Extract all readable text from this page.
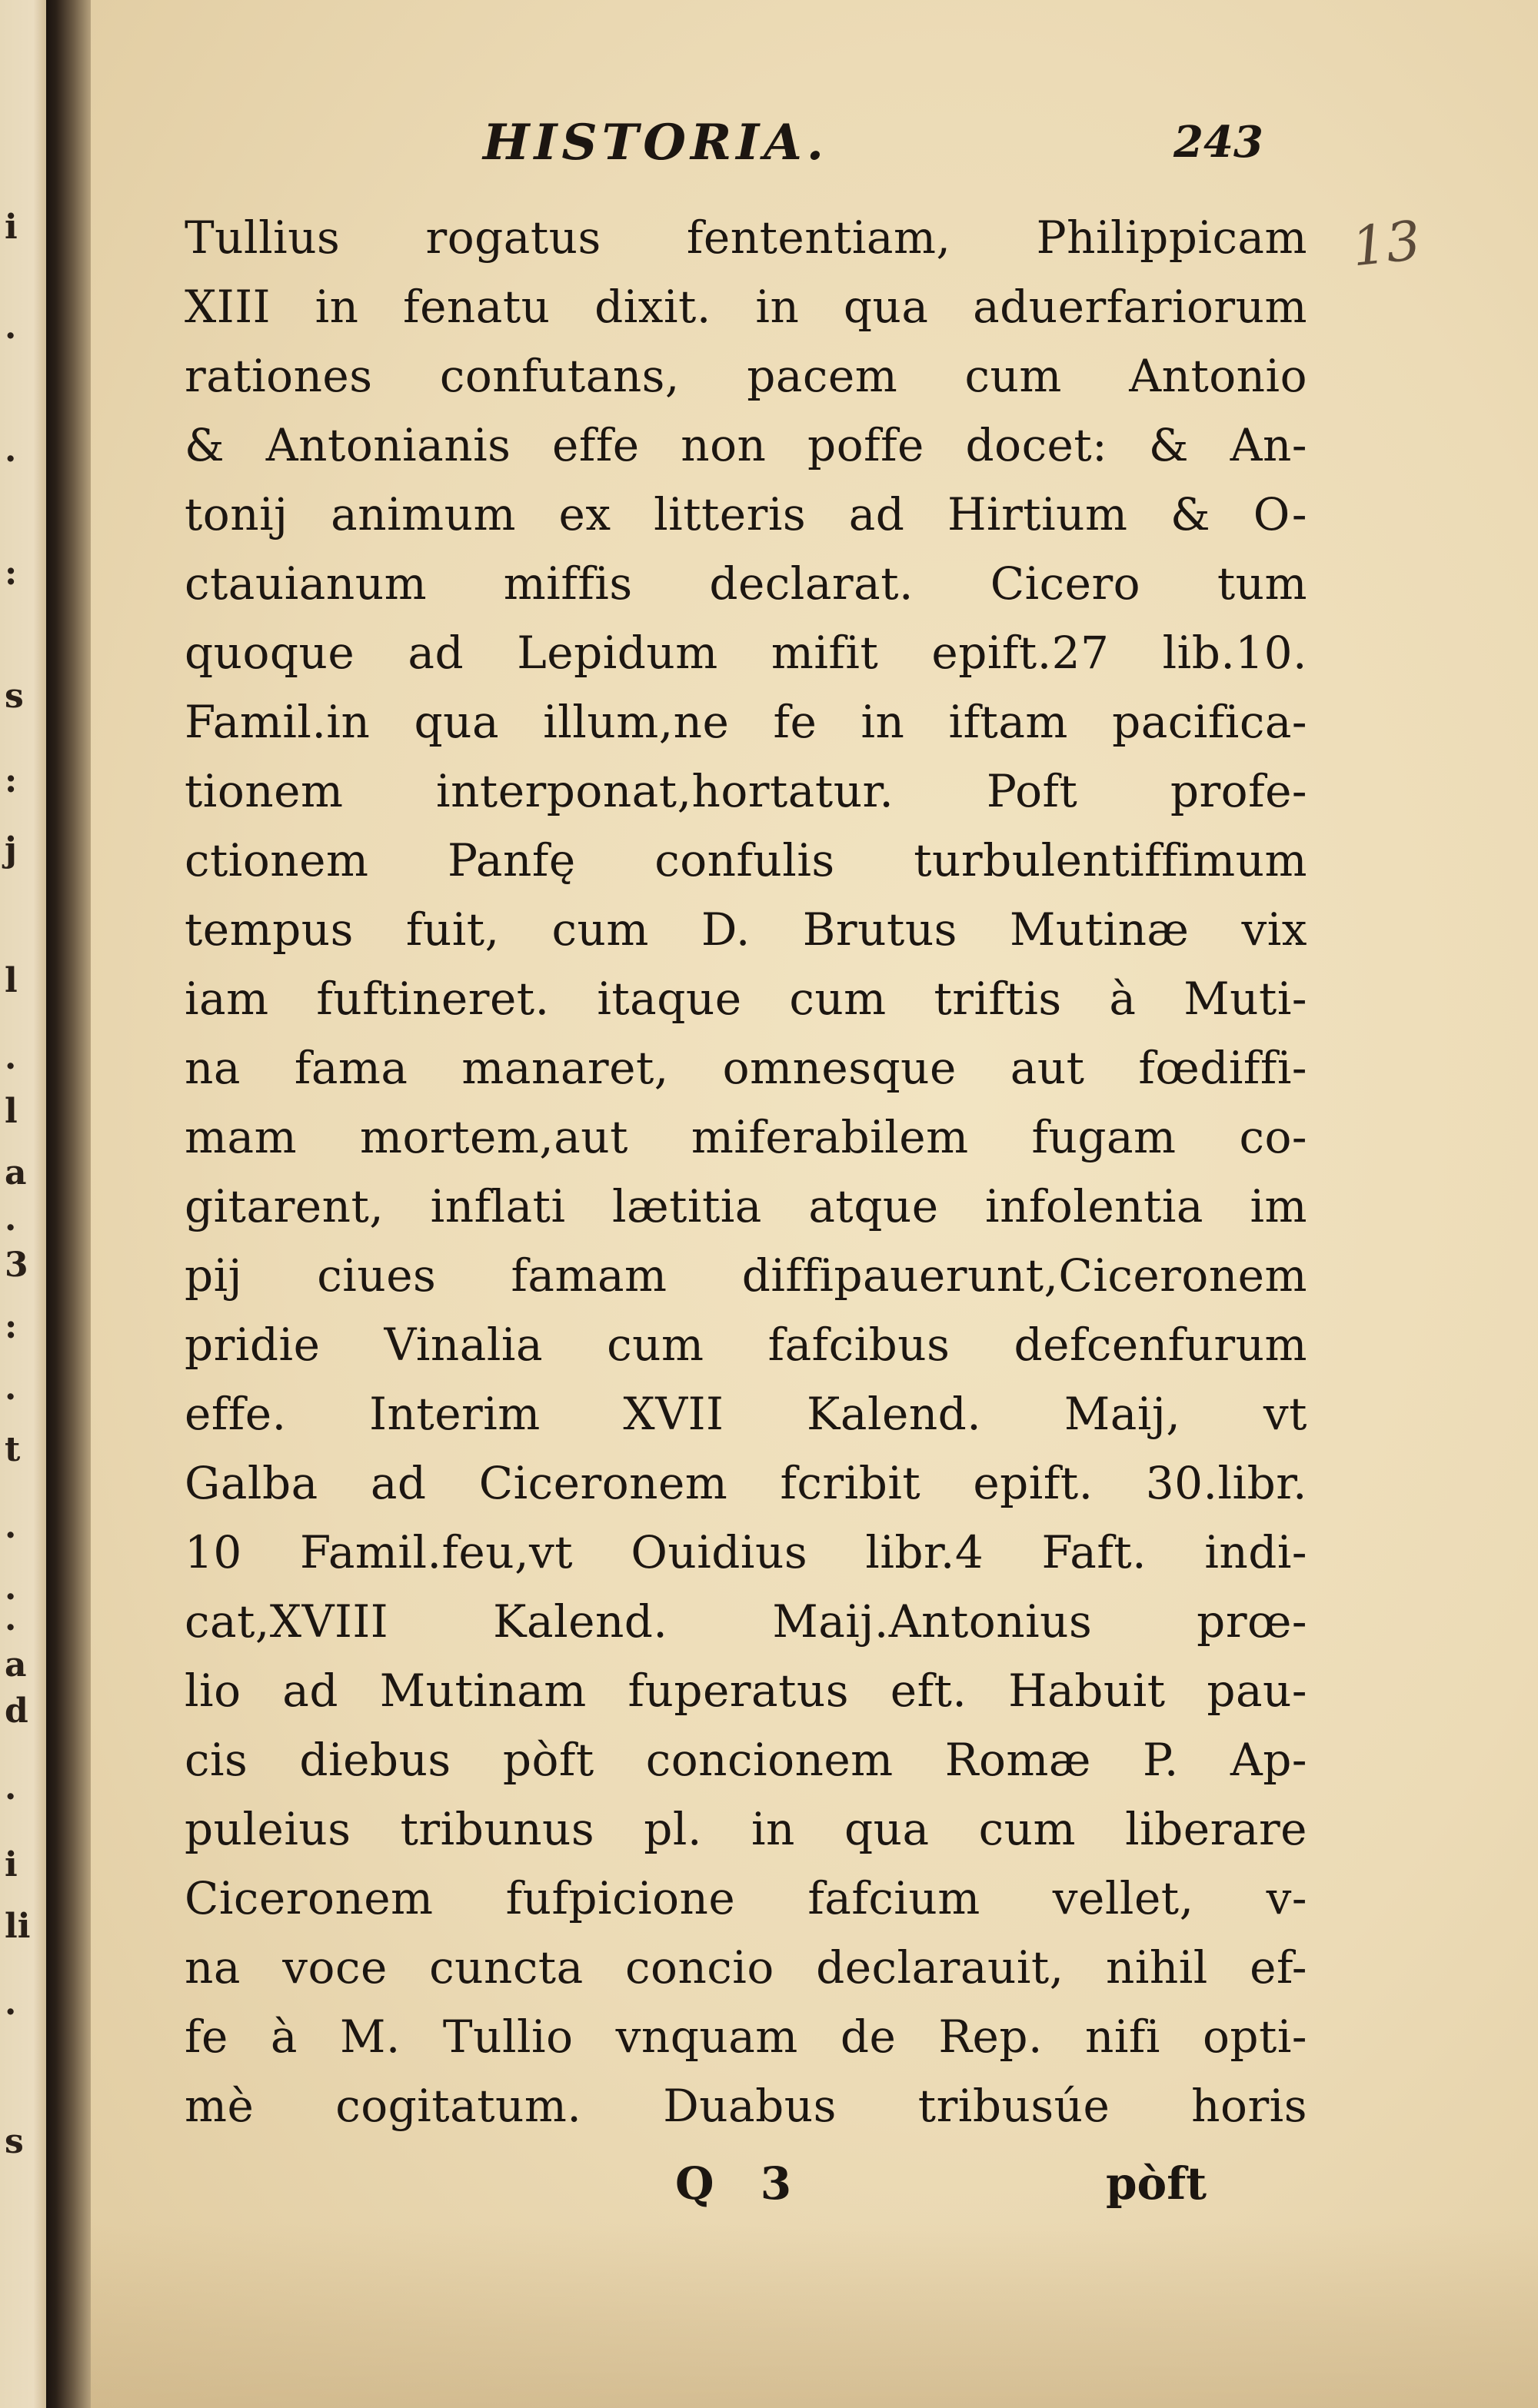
i
.
.
:
s
:
j
l
.
l
a
.
3
:
.
t
.
.
.
a
d
.
i
li
.
s
HISTORIA.	243
13
Tullius rogatus fententiam, Philippicam
XIII in fenatu dixit. in qua aduerfariorum
rationes confutans, pacem cum Antonio
& Antonianis effe non poffe docet: & An-
tonij animum ex litteris ad Hirtium & O-
ctauianum miffis declarat. Cicero tum
quoque ad Lepidum mifit epift.27 lib.10.
Famil.in qua illum,ne fe in iftam pacifica-
tionem interponat,hortatur. Poft profe-
ctionem Panfę confulis turbulentiffimum
tempus fuit, cum D. Brutus Mutinæ vix
iam fuftineret. itaque cum triftis à Muti-
na fama manaret, omnesque aut fœdiffi-
mam mortem,aut miferabilem fugam co-
gitarent, inflati lætitia atque infolentia im
pij ciues famam diffipauerunt,Ciceronem
pridie Vinalia cum fafcibus defcenfurum
effe. Interim XVII Kalend. Maij, vt
Galba ad Ciceronem fcribit epift. 30.libr.
10 Famil.feu,vt Ouidius libr.4 Faft. indi-
cat,XVIII Kalend. Maij.Antonius prœ-
lio ad Mutinam fuperatus eft. Habuit pau-
cis diebus pòft concionem Romæ P. Ap-
puleius tribunus pl. in qua cum liberare
Ciceronem fufpicione fafcium vellet, v-
na voce cuncta concio declarauit, nihil ef-
fe à M. Tullio vnquam de Rep. nifi opti-
mè cogitatum. Duabus tribusúe horis
Q 3	pòft
